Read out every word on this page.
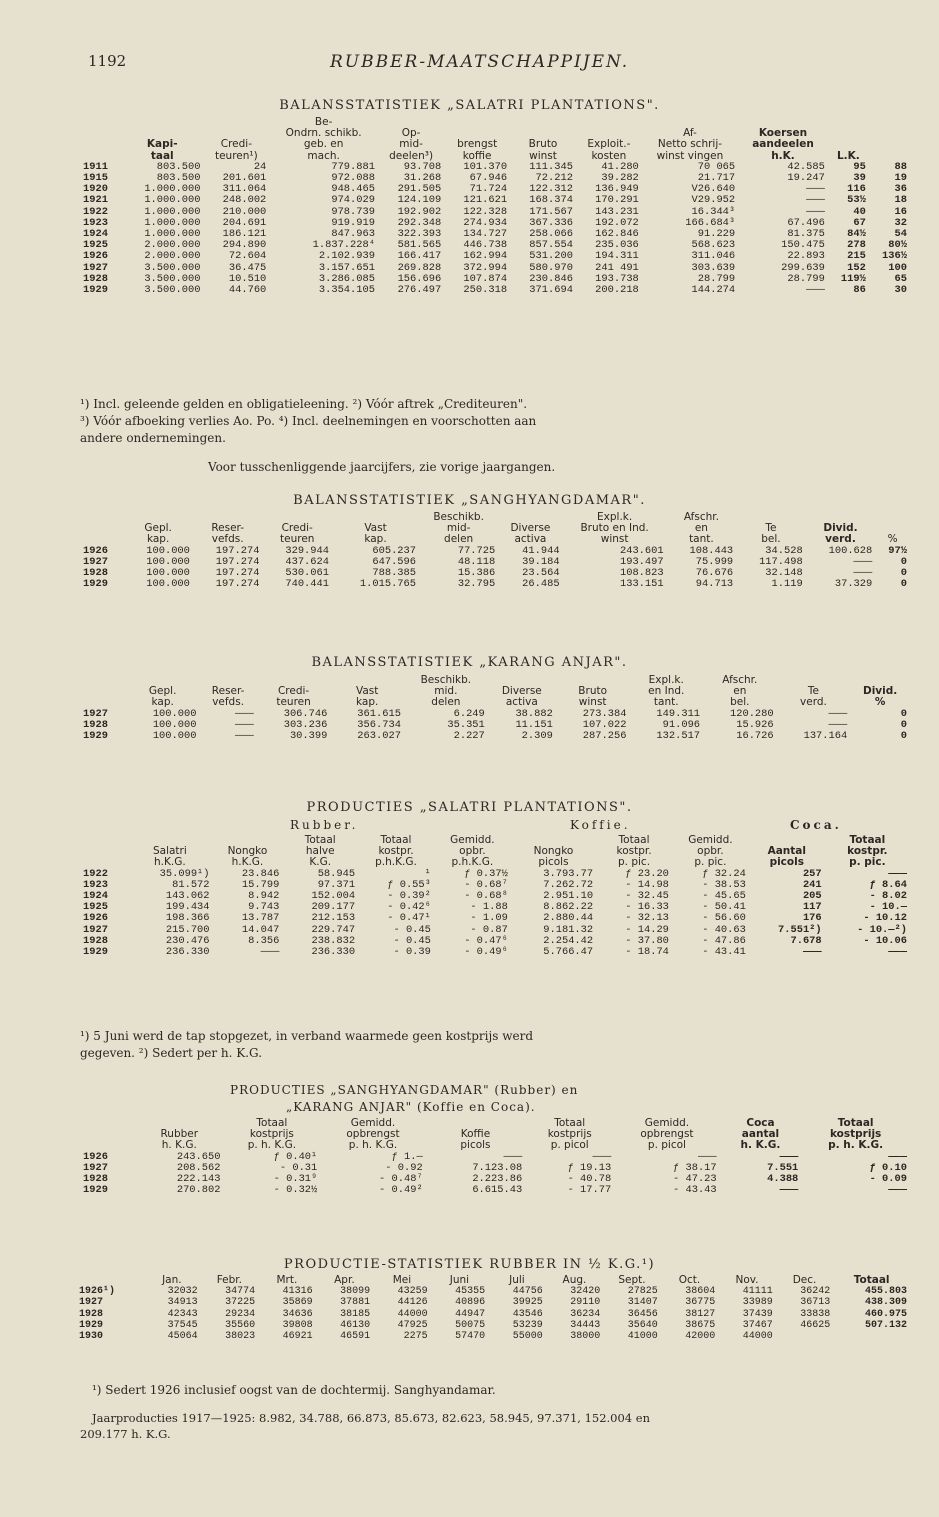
1192	RUBBER-MAATSCHAPPIJEN.
BALANSSTATISTIEK „SALATRI PLANTATIONS".
			Be-								
			Ondrn. schikb.	Op-				Af-	Koersen		
	Kapi-	Credi-	geb. en	mid-	brengst	Bruto	Exploit.-	Netto schrij-	aandeelen		
	taal	teuren¹)	mach.	deelen³)	koffie	winst	kosten	winst vingen	h.K.	L.K.	
1911	803.500	24	779.881	93.708	101.370	111.345	41.280	70 065	42.585	95	88
1915	803.500	201.601	972.088	31.268	67.946	72.212	39.282	21.717	19.247	39	19
1920	1.000.000	311.064	948.465	291.505	71.724	122.312	136.949	V26.640	———	116	36
1921	1.000.000	248.002	974.029	124.109	121.621	168.374	170.291	V29.952	———	53½	18
1922	1.000.000	210.000	978.739	192.902	122.328	171.567	143.231	16.344³	———	40	16
1923	1.000.000	204.691	919.919	292.348	274.934	367.336	192.072	166.684³	67.496	67	32
1924	1.000.000	186.121	847.963	322.393	134.727	258.066	162.846	91.229	81.375	84½	54
1925	2.000.000	294.890	1.837.228⁴	581.565	446.738	857.554	235.036	568.623	150.475	278	80½
1926	2.000.000	72.604	2.102.939	166.417	162.994	531.200	194.311	311.046	22.893	215	136½
1927	3.500.000	36.475	3.157.651	269.828	372.994	580.970	241 491	303.639	299.639	152	100
1928	3.500.000	10.510	3.286.085	156.696	107.874	230.846	193.738	28.799	28.799	119½	65
1929	3.500.000	44.760	3.354.105	276.497	250.318	371.694	200.218	144.274	———	86	30
¹) Incl. geleende gelden en obligatieleening. ²) Vóór aftrek „Crediteuren".
³) Vóór afboeking verlies Ao. Po. ⁴) Incl. deelnemingen en voorschotten aan
andere ondernemingen.
Voor tusschenliggende jaarcijfers, zie vorige jaargangen.
BALANSSTATISTIEK „SANGHYANGDAMAR".
					Beschikb.		Expl.k.	Afschr.			
	Gepl.	Reser-	Credi-	Vast	mid-	Diverse	Bruto en Ind.	en	Te	Divid.	
	kap.	vefds.	teuren	kap.	delen	activa	winst	tant.	bel.	verd.	%
1926	100.000	197.274	329.944	605.237	77.725	41.944	243.601	108.443	34.528	100.628	97½
1927	100.000	197.274	437.624	647.596	48.118	39.184	193.497	75.999	117.498	———	0
1928	100.000	197.274	530.061	788.385	15.386	23.564	108.823	76.676	32.148	———	0
1929	100.000	197.274	740.441	1.015.765	32.795	26.485	133.151	94.713	1.119	37.329	0
BALANSSTATISTIEK „KARANG ANJAR".
					Beschikb.			Expl.k.	Afschr.		
	Gepl.	Reser-	Credi-	Vast	mid.	Diverse	Bruto	en Ind.	en	Te	Divid.
	kap.	vefds.	teuren	kap.	delen	activa	winst	tant.	bel.	verd.	%
1927	100.000	———	306.746	361.615	6.249	38.882	273.384	149.311	120.280	———	0
1928	100.000	———	303.236	356.734	35.351	11.151	107.022	91.096	15.926	———	0
1929	100.000	———	30.399	263.027	2.227	2.309	287.256	132.517	16.726	137.164	0
PRODUCTIES „SALATRI PLANTATIONS".
Rubber.	Koffie.	Coca.
			Totaal	Totaal	Gemidd.		Totaal	Gemidd.		Totaal
	Salatri	Nongko	halve	kostpr.	opbr.	Nongko	kostpr.	opbr.	Aantal	kostpr.
	h.K.G.	h.K.G.	K.G.	p.h.K.G.	p.h.K.G.	picols	p. pic.	p. pic.	picols	p. pic.
1922	35.099¹)	23.846	58.945	¹	ƒ 0.37½	3.793.77	ƒ 23.20	ƒ 32.24	257	———
1923	81.572	15.799	97.371	ƒ 0.55³	- 0.68⁷	7.262.72	- 14.98	- 38.53	241	ƒ 8.64
1924	143.062	8.942	152.004	- 0.39²	- 0.68⁸	2.951.10	- 32.45	- 45.65	205	- 8.02
1925	199.434	9.743	209.177	- 0.42⁶	- 1.88	8.862.22	- 16.33	- 50.41	117	- 10.—
1926	198.366	13.787	212.153	- 0.47¹	- 1.09	2.880.44	- 32.13	- 56.60	176	- 10.12
1927	215.700	14.047	229.747	- 0.45	- 0.87	9.181.32	- 14.29	- 40.63	7.551²)	- 10.—²)
1928	230.476	8.356	238.832	- 0.45	- 0.47⁶	2.254.42	- 37.80	- 47.86	7.678	- 10.06
1929	236.330	———	236.330	- 0.39	- 0.49⁶	5.766.47	- 18.74	- 43.41	———	———
¹) 5 Juni werd de tap stopgezet, in verband waarmede geen kostprijs werd
gegeven. ²) Sedert per h. K.G.
PRODUCTIES „SANGHYANGDAMAR" (Rubber) en
„KARANG ANJAR" (Koffie en Coca).
		Totaal	Gemidd.		Totaal	Gemidd.	Coca	Totaal
	Rubber	kostprijs	opbrengst	Koffie	kostprijs	opbrengst	aantal	kostprijs
	h. K.G.	p. h. K.G.	p. h. K.G.	picols	p. picol	p. picol	h. K.G.	p. h. K.G.
1926	243.650	ƒ 0.40¹	ƒ 1.—	———	———	———	———	———
1927	208.562	- 0.31	- 0.92	7.123.08	ƒ 19.13	ƒ 38.17	7.551	ƒ 0.10
1928	222.143	- 0.31⁹	- 0.48⁷	2.223.86	- 40.78	- 47.23	4.388	- 0.09
1929	270.802	- 0.32½	- 0.49²	6.615.43	- 17.77	- 43.43	———	———
PRODUCTIE-STATISTIEK RUBBER IN ½ K.G.¹)
	Jan.	Febr.	Mrt.	Apr.	Mei	Juni	Juli	Aug.	Sept.	Oct.	Nov.	Dec.	Totaal
1926¹)	32032	34774	41316	38099	43259	45355	44756	32420	27825	38604	41111	36242	455.803
1927	34913	37225	35869	37881	44126	40896	39925	29110	31407	36775	33989	36713	438.309
1928	42343	29234	34636	38185	44000	44947	43546	36234	36456	38127	37439	33838	460.975
1929	37545	35560	39808	46130	47925	50075	53239	34443	35640	38675	37467	46625	507.132
1930	45064	38023	46921	46591	2275	57470	55000	38000	41000	42000	44000		
¹) Sedert 1926 inclusief oogst van de dochtermij. Sanghyandamar.
Jaarproducties 1917—1925: 8.982, 34.788, 66.873, 85.673, 82.623, 58.945, 97.371, 152.004 en
209.177 h. K.G.
